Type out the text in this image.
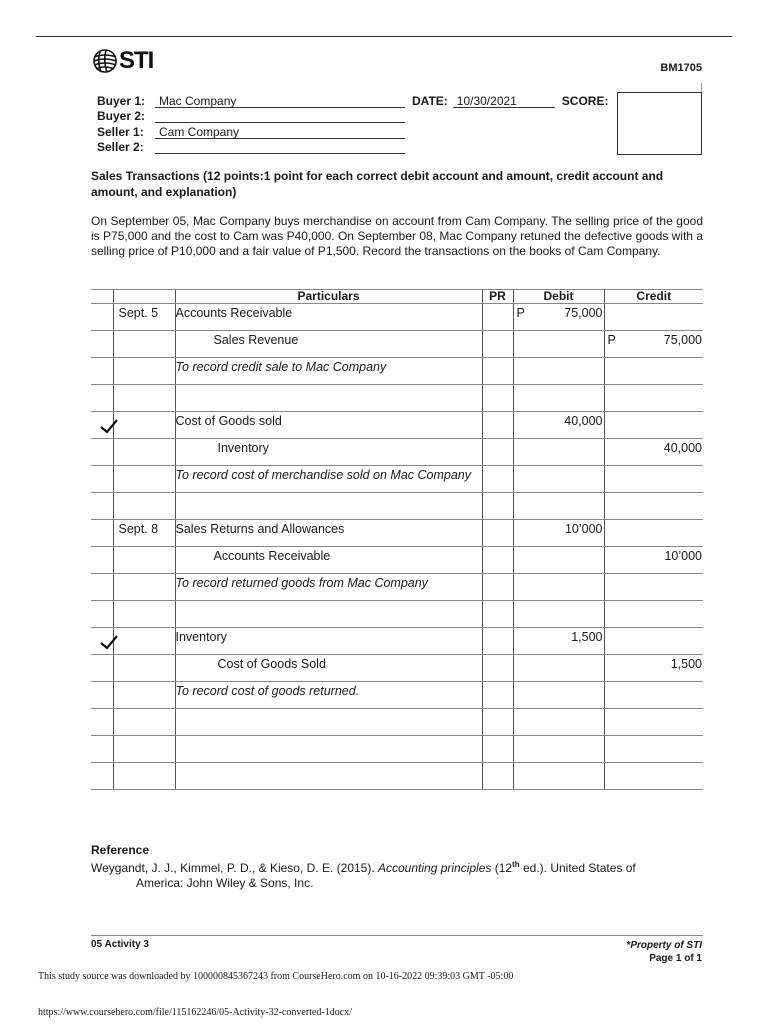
STI	BM1705
Buyer 1:	Mac Company	DATE: 10/30/2021	SCORE:
Buyer 2:
Seller 1:	Cam Company
Seller 2:
Sales Transactions (12 points:1 point for each correct debit account and amount, credit account and amount, and explanation)
On September 05, Mac Company buys merchandise on account from Cam Company. The selling price of the good is P75,000 and the cost to Cam was P40,000. On September 08, Mac Company retuned the defective goods with a selling price of P10,000 and a fair value of P1,500. Record the transactions on the books of Cam Company.
		Particulars	PR	Debit	Credit
	Sept. 5	Accounts Receivable		P 75,000	
		Sales Revenue			P 75,000
		To record credit sale to Mac Company			

		Cost of Goods sold		40,000	
		Inventory			40,000
		To record cost of merchandise sold on Mac Company			

	Sept. 8	Sales Returns and Allowances		10’000	
		Accounts Receivable			10’000
		To record returned goods from Mac Company			

		Inventory		1,500	
		Cost of Goods Sold			1,500
		To record cost of goods returned.			

Reference
Weygandt, J. J., Kimmel, P. D., & Kieso, D. E. (2015). Accounting principles (12th ed.). United States of
America: John Wiley & Sons, Inc.
05 Activity 3	*Property of STI
Page 1 of 1
This study source was downloaded by 100000845367243 from CourseHero.com on 10-16-2022 09:39:03 GMT -05:00
https://www.coursehero.com/file/115162246/05-Activity-32-converted-1docx/
